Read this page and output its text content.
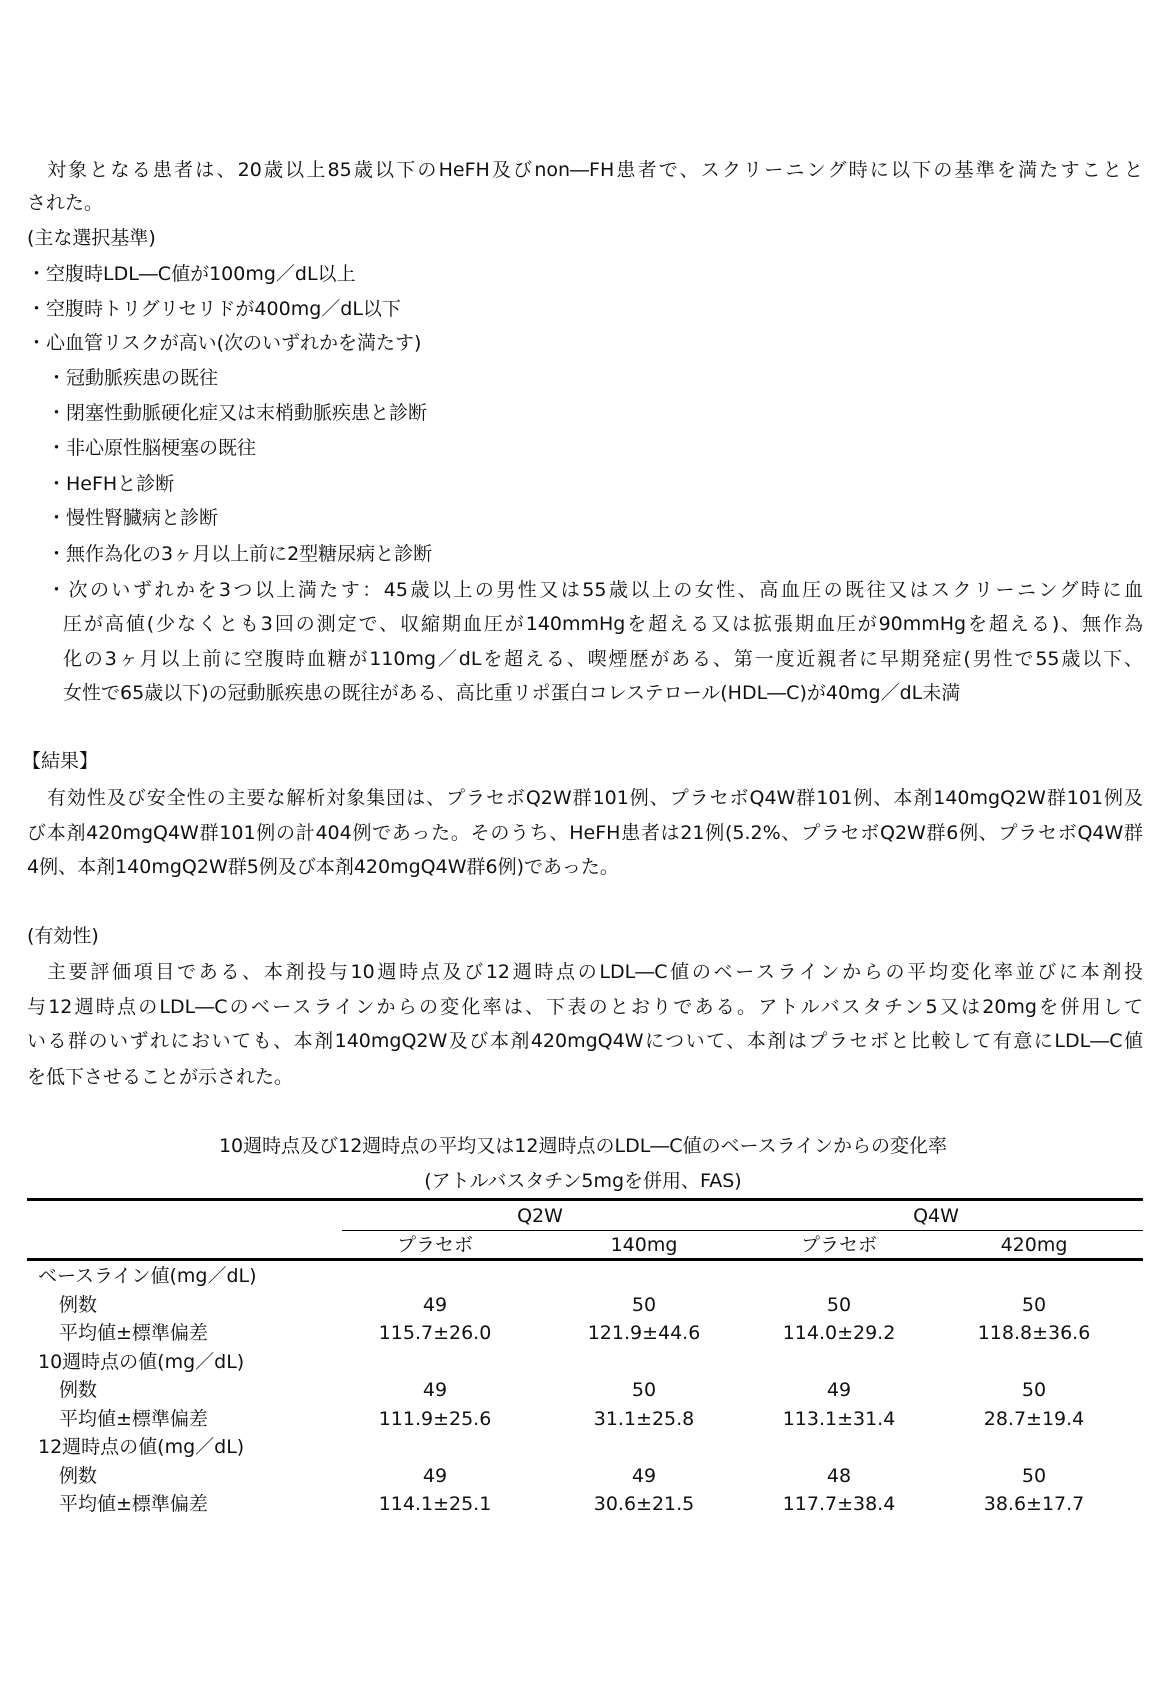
対象となる患者は、20歳以上85歳以下のHeFH及びnon―FH患者で、スクリーニング時に以下の基準を満たすことと
された。
(主な選択基準)
・空腹時LDL―C値が100mg／dL以上
・空腹時トリグリセリドが400mg／dL以下
・心血管リスクが高い(次のいずれかを満たす)
・冠動脈疾患の既往
・閉塞性動脈硬化症又は末梢動脈疾患と診断
・非心原性脳梗塞の既往
・HeFHと診断
・慢性腎臓病と診断
・無作為化の3ヶ月以上前に2型糖尿病と診断
・次のいずれかを3つ以上満たす：45歳以上の男性又は55歳以上の女性、高血圧の既往又はスクリーニング時に血
圧が高値(少なくとも3回の測定で、収縮期血圧が140mmHgを超える又は拡張期血圧が90mmHgを超える)、無作為
化の3ヶ月以上前に空腹時血糖が110mg／dLを超える、喫煙歴がある、第一度近親者に早期発症(男性で55歳以下、
女性で65歳以下)の冠動脈疾患の既往がある、高比重リポ蛋白コレステロール(HDL―C)が40mg／dL未満
【結果】
有効性及び安全性の主要な解析対象集団は、プラセボQ2W群101例、プラセボQ4W群101例、本剤140mgQ2W群101例及
び本剤420mgQ4W群101例の計404例であった。そのうち、HeFH患者は21例(5.2%、プラセボQ2W群6例、プラセボQ4W群
4例、本剤140mgQ2W群5例及び本剤420mgQ4W群6例)であった。
(有効性)
主要評価項目である、本剤投与10週時点及び12週時点のLDL―C値のベースラインからの平均変化率並びに本剤投
与12週時点のLDL―Cのベースラインからの変化率は、下表のとおりである。アトルバスタチン5又は20mgを併用して
いる群のいずれにおいても、本剤140mgQ2W及び本剤420mgQ4Wについて、本剤はプラセボと比較して有意にLDL―C値
を低下させることが示された。
10週時点及び12週時点の平均又は12週時点のLDL―C値のベースラインからの変化率
(アトルバスタチン5mgを併用、FAS)
Q2W	Q4W
プラセボ	140mg	プラセボ	420mg
ベースライン値(mg／dL)
例数	49	50	50	50
平均値±標準偏差	115.7±26.0	121.9±44.6	114.0±29.2	118.8±36.6
10週時点の値(mg／dL)
例数	49	50	49	50
平均値±標準偏差	111.9±25.6	31.1±25.8	113.1±31.4	28.7±19.4
12週時点の値(mg／dL)
例数	49	49	48	50
平均値±標準偏差	114.1±25.1	30.6±21.5	117.7±38.4	38.6±17.7
